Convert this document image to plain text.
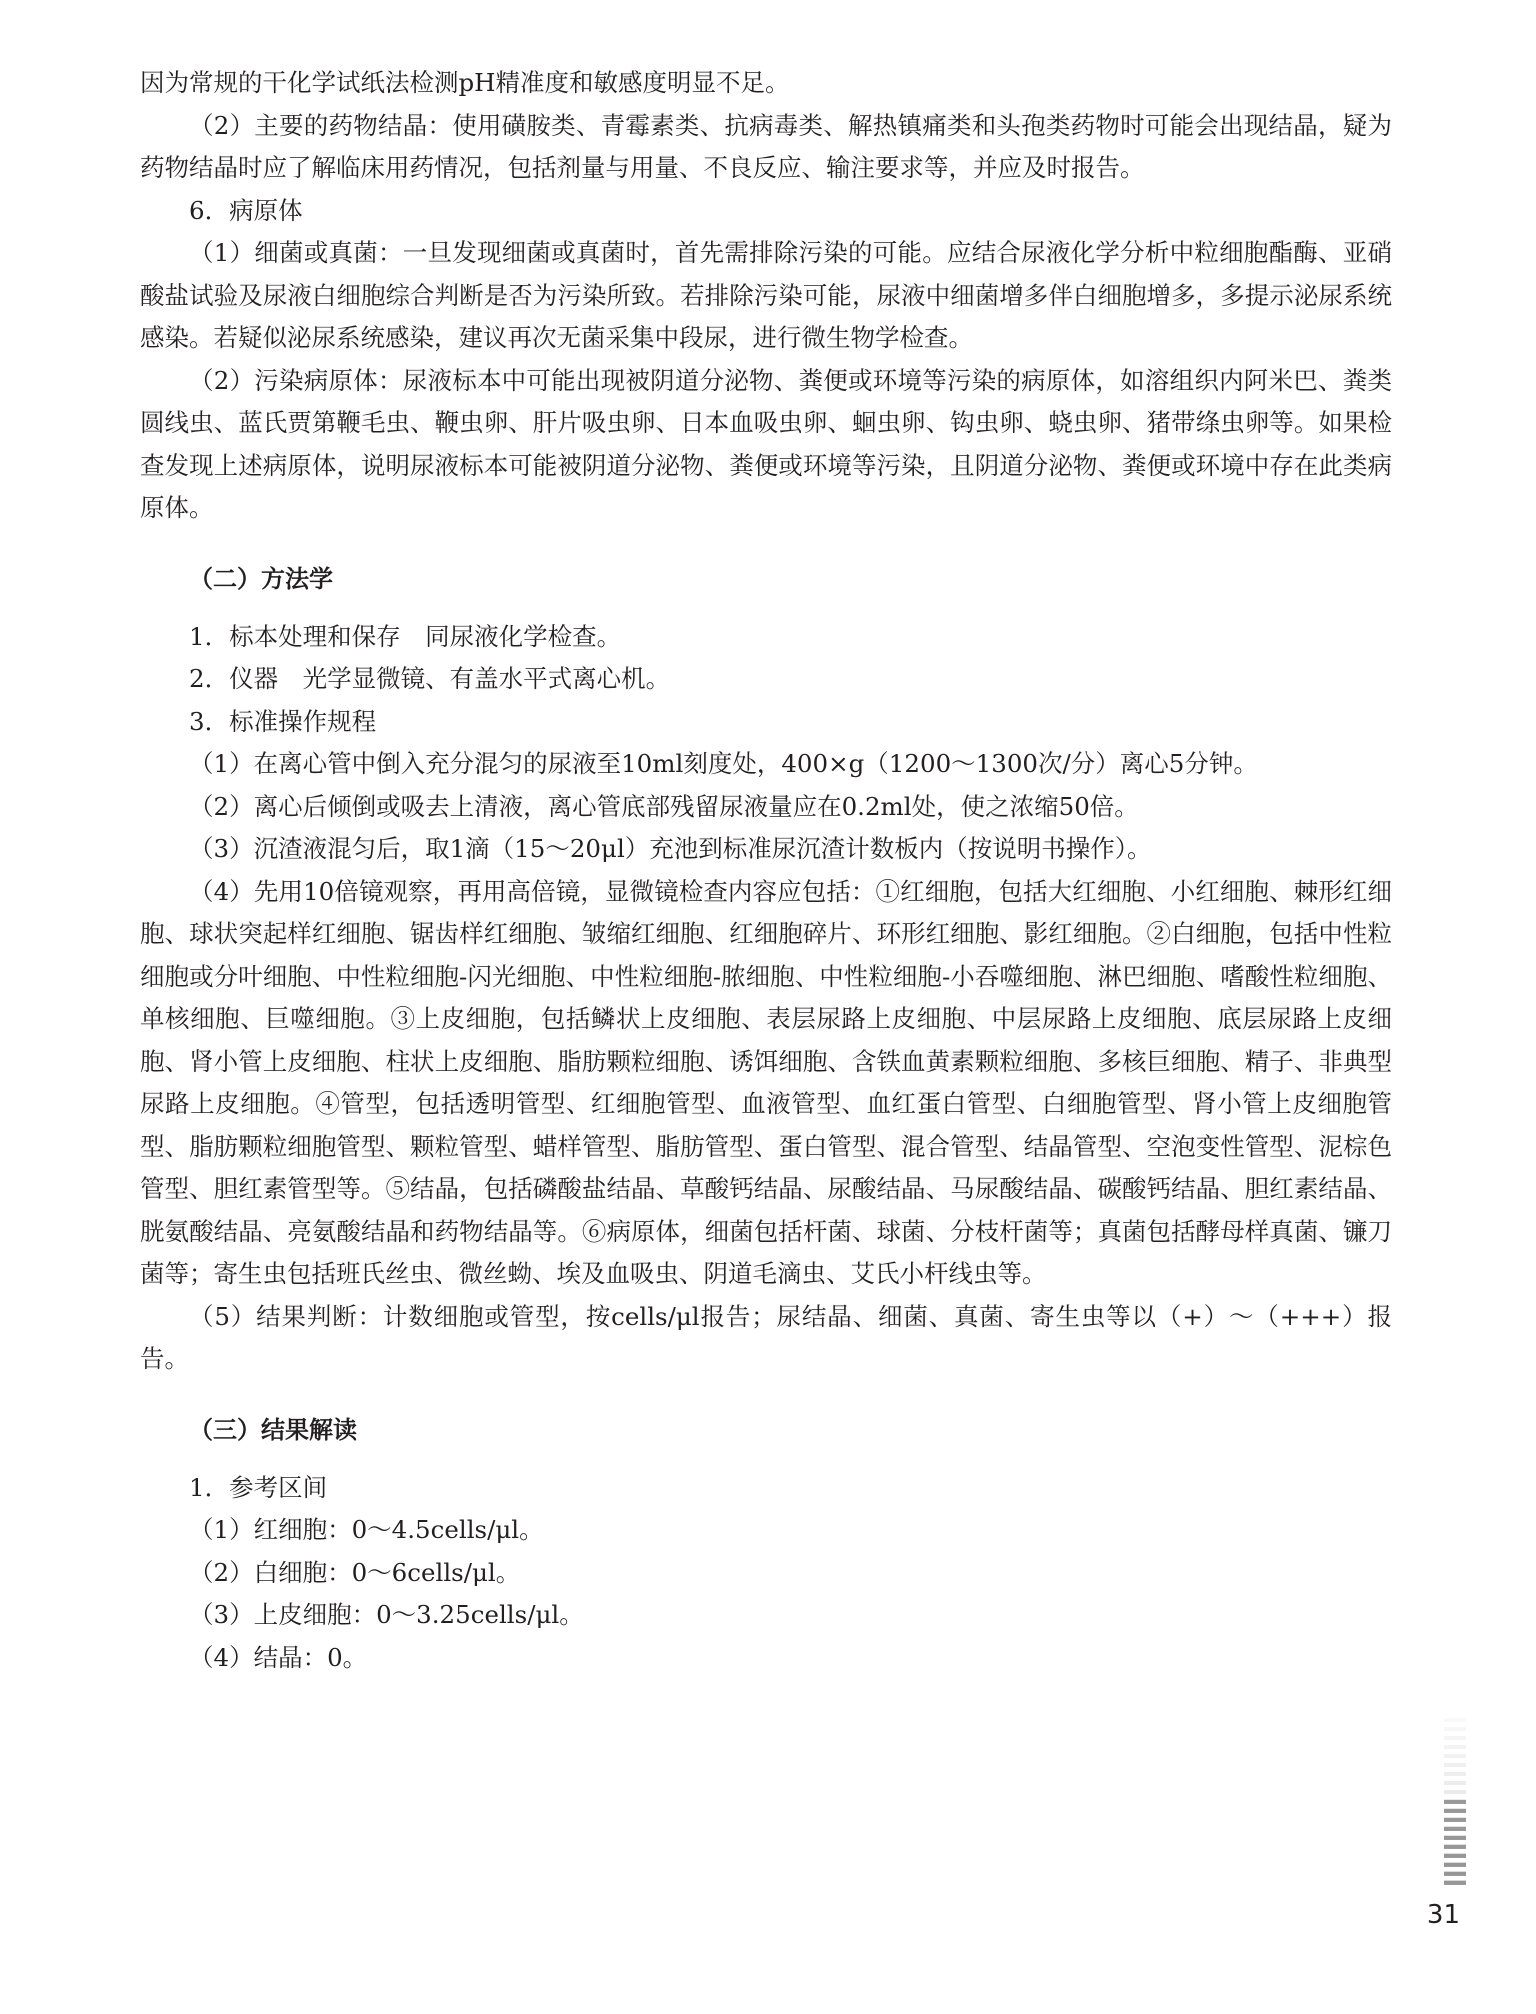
因为常规的干化学试纸法检测pH精准度和敏感度明显不足。

（2）主要的药物结晶：使用磺胺类、青霉素类、抗病毒类、解热镇痛类和头孢类药物时可能会出现结晶，疑为药物结晶时应了解临床用药情况，包括剂量与用量、不良反应、输注要求等，并应及时报告。

6．病原体

（1）细菌或真菌：一旦发现细菌或真菌时，首先需排除污染的可能。应结合尿液化学分析中粒细胞酯酶、亚硝酸盐试验及尿液白细胞综合判断是否为污染所致。若排除污染可能，尿液中细菌增多伴白细胞增多，多提示泌尿系统感染。若疑似泌尿系统感染，建议再次无菌采集中段尿，进行微生物学检查。

（2）污染病原体：尿液标本中可能出现被阴道分泌物、粪便或环境等污染的病原体，如溶组织内阿米巴、粪类圆线虫、蓝氏贾第鞭毛虫、鞭虫卵、肝片吸虫卵、日本血吸虫卵、蛔虫卵、钩虫卵、蛲虫卵、猪带绦虫卵等。如果检查发现上述病原体，说明尿液标本可能被阴道分泌物、粪便或环境等污染，且阴道分泌物、粪便或环境中存在此类病原体。

（二）方法学

1．标本处理和保存　同尿液化学检查。

2．仪器　光学显微镜、有盖水平式离心机。

3．标准操作规程

（1）在离心管中倒入充分混匀的尿液至10ml刻度处，400×g（1200～1300次/分）离心5分钟。

（2）离心后倾倒或吸去上清液，离心管底部残留尿液量应在0.2ml处，使之浓缩50倍。

（3）沉渣液混匀后，取1滴（15～20μl）充池到标准尿沉渣计数板内（按说明书操作）。

（4）先用10倍镜观察，再用高倍镜，显微镜检查内容应包括：①红细胞，包括大红细胞、小红细胞、棘形红细胞、球状突起样红细胞、锯齿样红细胞、皱缩红细胞、红细胞碎片、环形红细胞、影红细胞。②白细胞，包括中性粒细胞或分叶细胞、中性粒细胞-闪光细胞、中性粒细胞-脓细胞、中性粒细胞-小吞噬细胞、淋巴细胞、嗜酸性粒细胞、单核细胞、巨噬细胞。③上皮细胞，包括鳞状上皮细胞、表层尿路上皮细胞、中层尿路上皮细胞、底层尿路上皮细胞、肾小管上皮细胞、柱状上皮细胞、脂肪颗粒细胞、诱饵细胞、含铁血黄素颗粒细胞、多核巨细胞、精子、非典型尿路上皮细胞。④管型，包括透明管型、红细胞管型、血液管型、血红蛋白管型、白细胞管型、肾小管上皮细胞管型、脂肪颗粒细胞管型、颗粒管型、蜡样管型、脂肪管型、蛋白管型、混合管型、结晶管型、空泡变性管型、泥棕色管型、胆红素管型等。⑤结晶，包括磷酸盐结晶、草酸钙结晶、尿酸结晶、马尿酸结晶、碳酸钙结晶、胆红素结晶、胱氨酸结晶、亮氨酸结晶和药物结晶等。⑥病原体，细菌包括杆菌、球菌、分枝杆菌等；真菌包括酵母样真菌、镰刀菌等；寄生虫包括班氏丝虫、微丝蚴、埃及血吸虫、阴道毛滴虫、艾氏小杆线虫等。

（5）结果判断：计数细胞或管型，按cells/μl报告；尿结晶、细菌、真菌、寄生虫等以（+）～（+++）报告。

（三）结果解读

1．参考区间

（1）红细胞：0～4.5cells/μl。

（2）白细胞：0～6cells/μl。

（3）上皮细胞：0～3.25cells/μl。

（4）结晶：0。

31
